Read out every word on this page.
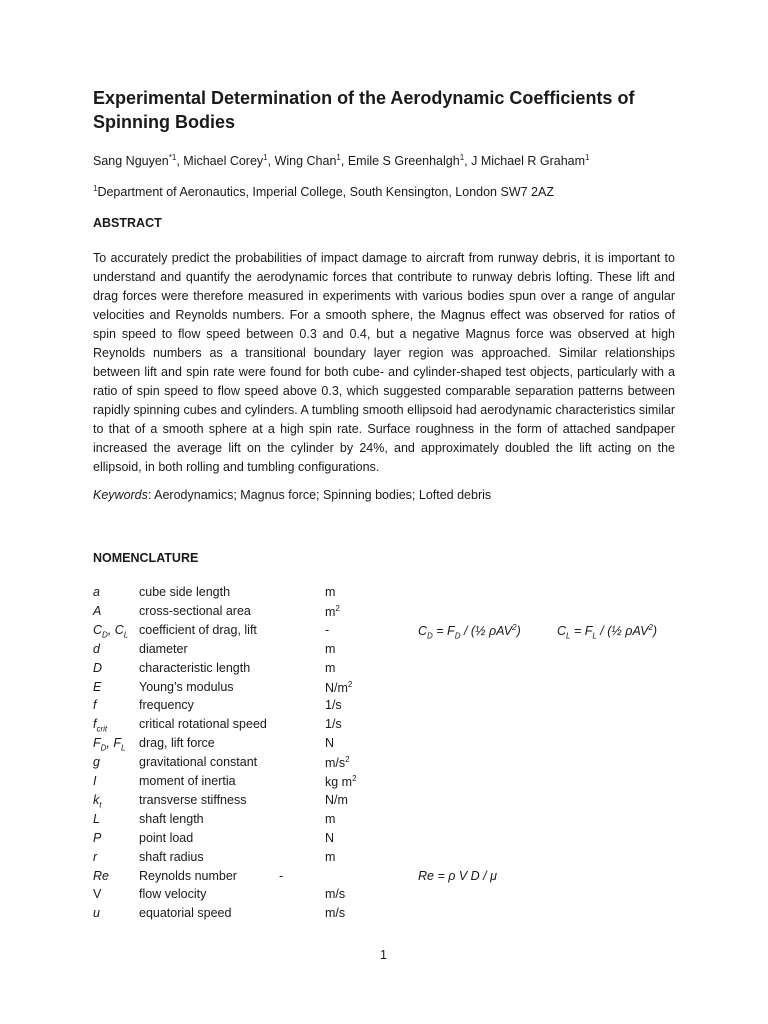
Experimental Determination of the Aerodynamic Coefficients of Spinning Bodies
Sang Nguyen$^{*1}$, Michael Corey$^1$, Wing Chan$^1$, Emile S Greenhalgh$^1$, J Michael R Graham$^1$
$^1$Department of Aeronautics, Imperial College, South Kensington, London SW7 2AZ
ABSTRACT

To accurately predict the probabilities of impact damage to aircraft from runway debris, it is important to understand and quantify the aerodynamic forces that contribute to runway debris lofting. These lift and drag forces were therefore measured in experiments with various bodies spun over a range of angular velocities and Reynolds numbers. For a smooth sphere, the Magnus effect was observed for ratios of spin speed to flow speed between 0.3 and 0.4, but a negative Magnus force was observed at high Reynolds numbers as a transitional boundary layer region was approached. Similar relationships between lift and spin rate were found for both cube- and cylinder-shaped test objects, particularly with a ratio of spin speed to flow speed above 0.3, which suggested comparable separation patterns between rapidly spinning cubes and cylinders. A tumbling smooth ellipsoid had aerodynamic characteristics similar to that of a smooth sphere at a high spin rate. Surface roughness in the form of attached sandpaper increased the average lift on the cylinder by 24%, and approximately doubled the lift acting on the ellipsoid, in both rolling and tumbling configurations.

Keywords: Aerodynamics; Magnus force; Spinning bodies; Lofted debris
NOMENCLATURE
a	cube side length	m
A	cross-sectional area	$m^2$
$C_D$, $C_L$ coefficient of drag, lift	-	$C_D = F_D$ / (½ ρAV$^2$)	$C_L = F_L$ / (½ ρAV$^2$)
d	diameter	m
D	characteristic length	m
E	Young’s modulus	$N/m^2$
f	frequency	1/s
$f_{crit}$	critical rotational speed	1/s
$F_D$, $F_L$ drag, lift force	N
g	gravitational constant	$m/s^2$
I	moment of inertia	kg $m^2$
$k_t$	transverse stiffness	N/m
L	shaft length	m
P	point load	N
r	shaft radius	m
Re Reynolds number	-	Re = ρ V D / μ
V	flow velocity	m/s
u	equatorial speed	m/s
1
